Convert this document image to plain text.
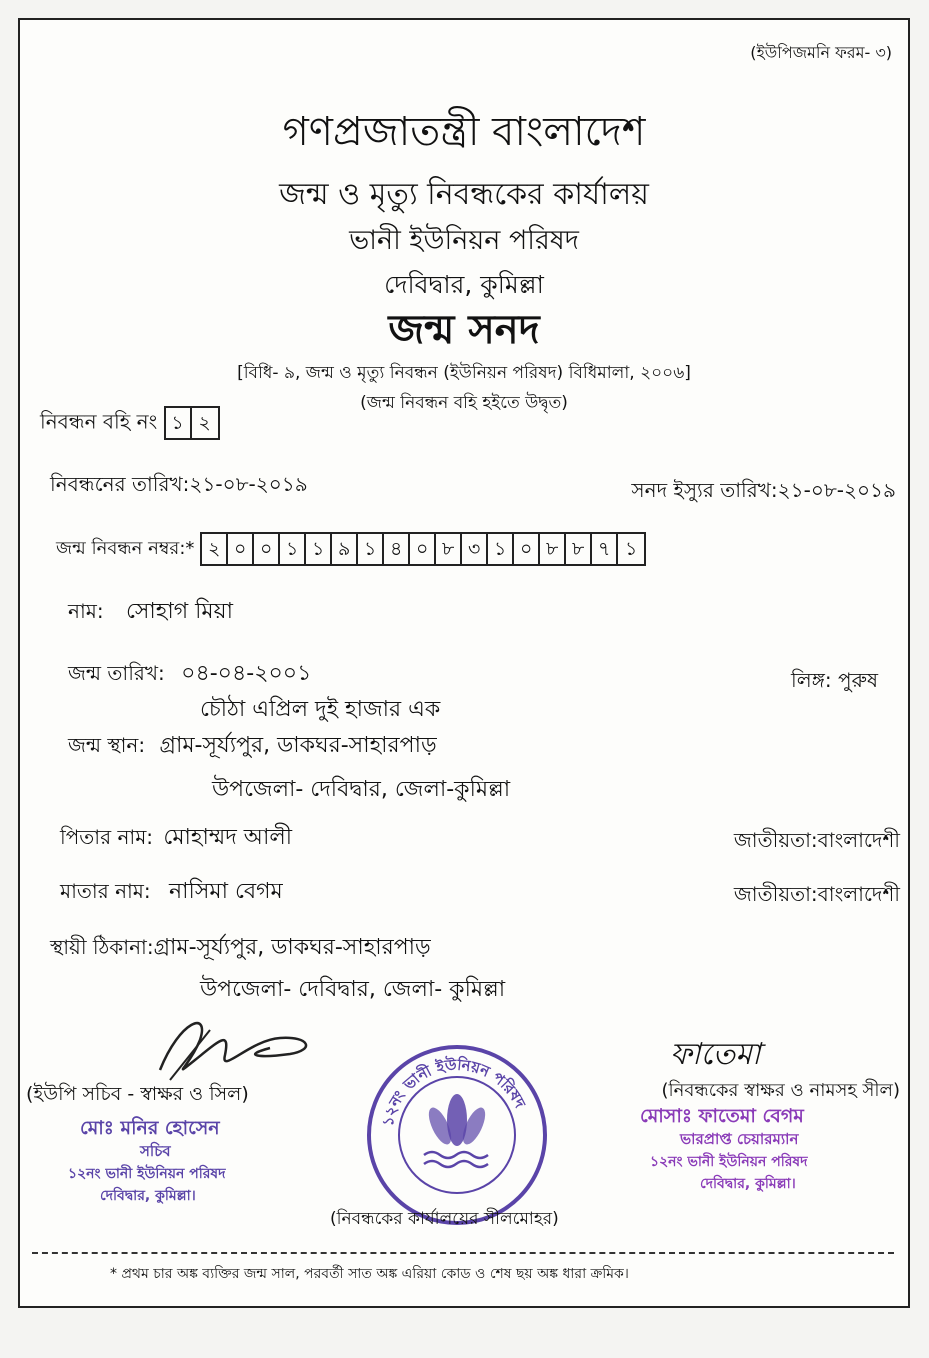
(ইউপিজমনি ফরম- ৩)
গণপ্রজাতন্ত্রী বাংলাদেশ
জন্ম ও মৃত্যু নিবন্ধকের কার্যালয়
ভানী ইউনিয়ন পরিষদ
দেবিদ্বার, কুমিল্লা
জন্ম সনদ
[বিধি- ৯, জন্ম ও মৃত্যু নিবন্ধন (ইউনিয়ন পরিষদ) বিধিমালা, ২০০৬]
(জন্ম নিবন্ধন বহি হইতে উদ্বৃত)
নিবন্ধন বহি নং ১ ২
নিবন্ধনের তারিখ:২১-০৮-২০১৯	সনদ ইস্যুর তারিখ:২১-০৮-২০১৯
জন্ম নিবন্ধন নম্বর:* ২ ০ ০ ১ ১ ৯ ১ ৪ ০ ৮ ৩ ১ ০ ৮ ৮ ৭ ১
নাম: সোহাগ মিয়া
জন্ম তারিখ: ০৪-০৪-২০০১	লিঙ্গ: পুরুষ
চৌঠা এপ্রিল দুই হাজার এক
জন্ম স্থান: গ্রাম-সূর্য্যপুর, ডাকঘর-সাহারপাড়
উপজেলা- দেবিদ্বার, জেলা-কুমিল্লা
পিতার নাম: মোহাম্মদ আলী	জাতীয়তা:বাংলাদেশী
মাতার নাম: নাসিমা বেগম	জাতীয়তা:বাংলাদেশী
স্থায়ী ঠিকানা:গ্রাম-সূর্য্যপুর, ডাকঘর-সাহারপাড়
উপজেলা- দেবিদ্বার, জেলা- কুমিল্লা
ফাতেমা
(ইউপি সচিব - স্বাক্ষর ও সিল)
মোঃ মনির হোসেন
সচিব
১২নং ভানী ইউনিয়ন পরিষদ
দেবিদ্বার, কুমিল্লা।
১২নং ভানী ইউনিয়ন পরিষদ
(নিবন্ধকের কার্যালয়ের সীলমোহর)
(নিবন্ধকের স্বাক্ষর ও নামসহ সীল)
মোসাঃ ফাতেমা বেগম
ভারপ্রাপ্ত চেয়ারম্যান
১২নং ভানী ইউনিয়ন পরিষদ
দেবিদ্বার, কুমিল্লা।
* প্রথম চার অঙ্ক ব্যক্তির জন্ম সাল, পরবর্তী সাত অঙ্ক এরিয়া কোড ও শেষ ছয় অঙ্ক ধারা ক্রমিক।
